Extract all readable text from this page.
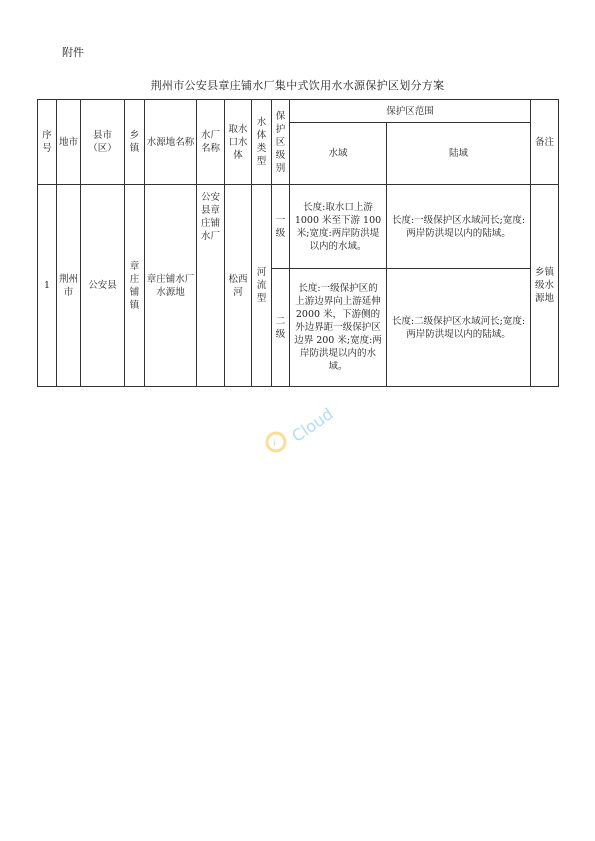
附件
荆州市公安县章庄铺水厂集中式饮用水水源保护区划分方案
序号	地市	县市（区）	乡镇	水源地名称	水厂名称	取水口水体	水体类型	保护区级别	保护区范围		备注
									水域	陆域	
1	荆州市	公安县	章庄铺镇	章庄铺水厂水源地	公安县章庄铺水厂	松西河	河流型	一级	长度:取水口上游1000 米至下游 100 米;宽度:两岸防洪堤以内的水域。	长度:一级保护区水域河长;宽度:两岸防洪堤以内的陆域。	乡镇级水源地
								二级	长度:一级保护区的上游边界向上游延伸 2000 米，下游侧的外边界距一级保护区边界 200 米;宽度:两岸防洪堤以内的水域。	长度:二级保护区水域河长;宽度:两岸防洪堤以内的陆域。	
i Cloud
